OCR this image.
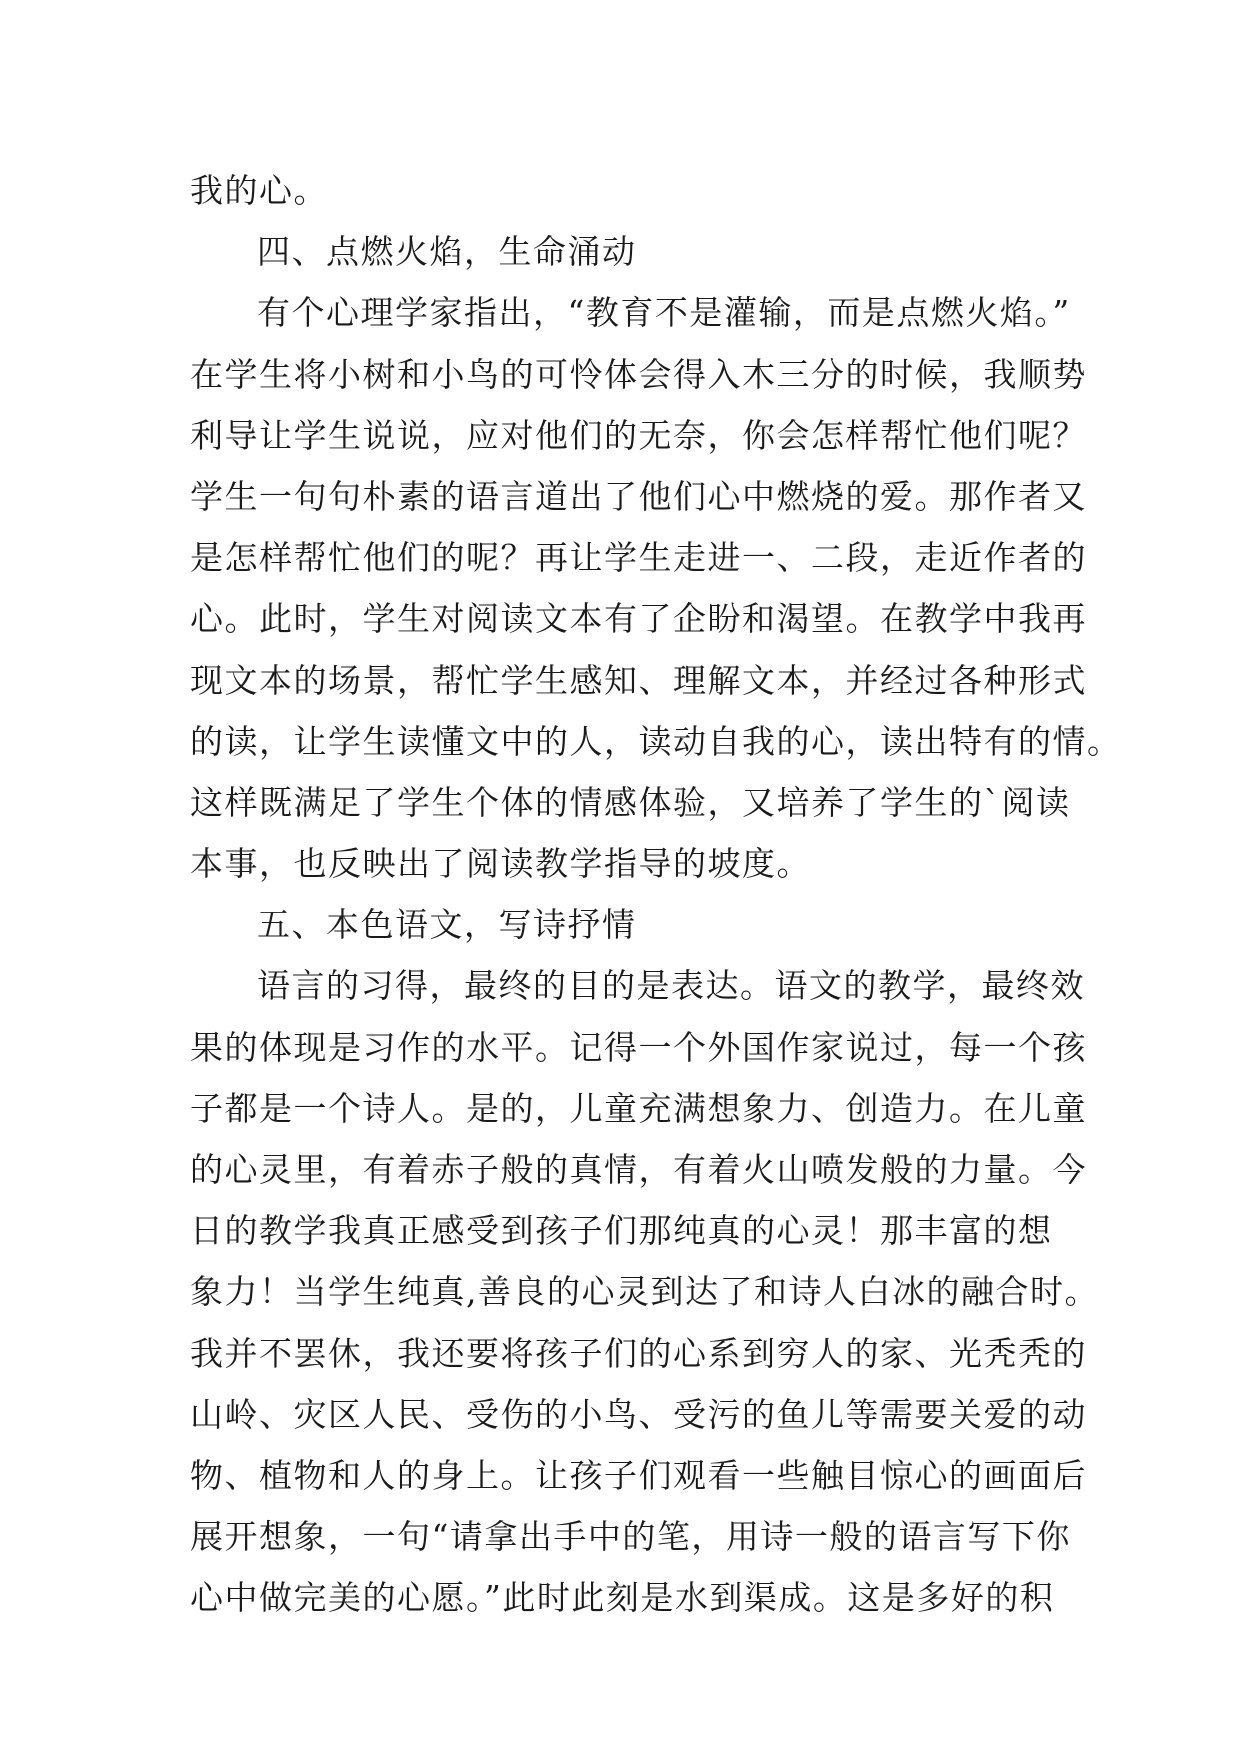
我的心。
四、点燃火焰，生命涌动
有个心理学家指出，“教育不是灌输，而是点燃火焰。”
在学生将小树和小鸟的可怜体会得入木三分的时候，我顺势
利导让学生说说，应对他们的无奈，你会怎样帮忙他们呢？
学生一句句朴素的语言道出了他们心中燃烧的爱。那作者又
是怎样帮忙他们的呢？再让学生走进一、二段，走近作者的
心。此时，学生对阅读文本有了企盼和渴望。在教学中我再
现文本的场景，帮忙学生感知、理解文本，并经过各种形式
的读，让学生读懂文中的人，读动自我的心，读出特有的情。
这样既满足了学生个体的情感体验，又培养了学生的`阅读
本事，也反映出了阅读教学指导的坡度。
五、本色语文，写诗抒情
语言的习得，最终的目的是表达。语文的教学，最终效
果的体现是习作的水平。记得一个外国作家说过，每一个孩
子都是一个诗人。是的，儿童充满想象力、创造力。在儿童
的心灵里，有着赤子般的真情，有着火山喷发般的力量。今
日的教学我真正感受到孩子们那纯真的心灵！那丰富的想
象力！当学生纯真,善良的心灵到达了和诗人白冰的融合时。
我并不罢休，我还要将孩子们的心系到穷人的家、光秃秃的
山岭、灾区人民、受伤的小鸟、受污的鱼儿等需要关爱的动
物、植物和人的身上。让孩子们观看一些触目惊心的画面后
展开想象，一句“请拿出手中的笔，用诗一般的语言写下你
心中做完美的心愿。”此时此刻是水到渠成。这是多好的积
